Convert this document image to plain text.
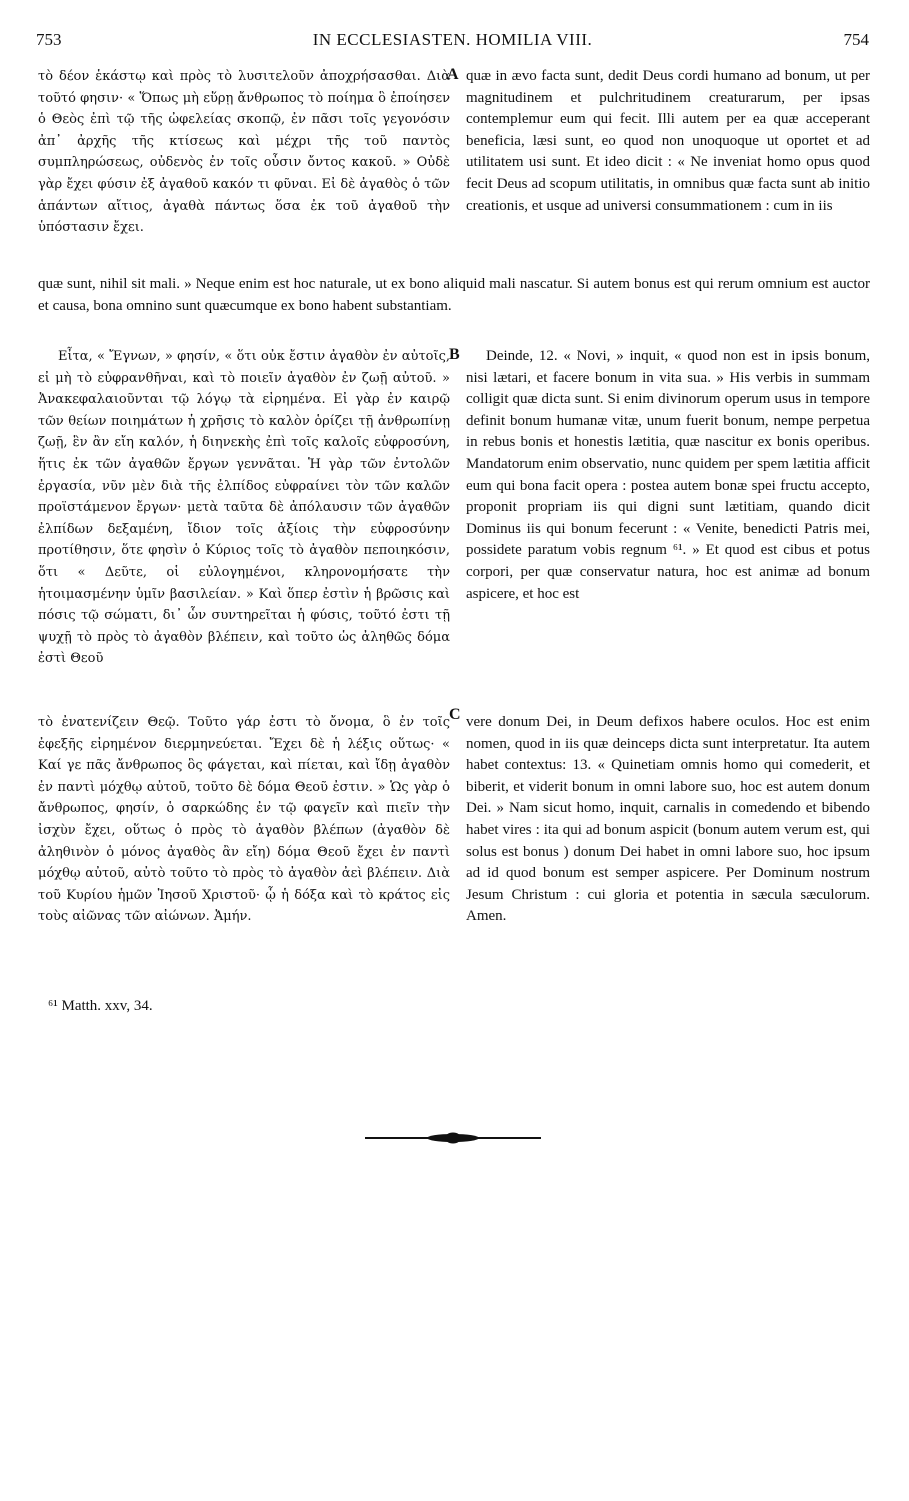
753	IN ECCLESIASTEN. HOMILIA VIII.	754

τὸ δέον ἑκάστῳ καὶ πρὸς τὸ λυσιτελοῦν ἀποχρήσασθαι. Διὰ τοῦτό φησιν· « Ὅπως μὴ εὕρῃ ἄνθρωπος τὸ ποίημα ὃ ἐποίησεν ὁ Θεὸς ἐπὶ τῷ τῆς ὠφελείας σκοπῷ, ἐν πᾶσι τοῖς γεγονόσιν ἀπ᾽ ἀρχῆς τῆς κτίσεως καὶ μέχρι τῆς τοῦ παντὸς συμπληρώσεως, οὐδενὸς ἐν τοῖς οὖσιν ὄντος κακοῦ. » Οὐδὲ γὰρ ἔχει φύσιν ἐξ ἀγαθοῦ κακόν τι φῦναι. Εἰ δὲ ἀγαθὸς ὁ τῶν ἁπάντων αἴτιος, ἀγαθὰ πάντως ὅσα ἐκ τοῦ ἀγαθοῦ τὴν ὑπόστασιν ἔχει.

A quæ in ævo facta sunt, dedit Deus cordi humano ad bonum, ut per magnitudinem et pulchritudinem creaturarum, per ipsas contemplemur eum qui fecit. Illi autem per ea quæ acceperant beneficia, læsi sunt, eo quod non unoquoque ut oportet et ad utilitatem usi sunt. Et ideo dicit : « Ne inveniat homo opus quod fecit Deus ad scopum utilitatis, in omnibus quæ facta sunt ab initio creationis, et usque ad universi consummationem : cum in iis

quæ sunt, nihil sit mali. » Neque enim est hoc naturale, ut ex bono aliquid mali nascatur. Si autem bonus est qui rerum omnium est auctor et causa, bona omnino sunt quæcumque ex bono habent substantiam.

Εἶτα, « Ἔγνων, » φησίν, « ὅτι οὐκ ἔστιν ἀγαθὸν ἐν αὐτοῖς, εἰ μὴ τὸ εὐφρανθῆναι, καὶ τὸ ποιεῖν ἀγαθὸν ἐν ζωῇ αὐτοῦ. » Ἀνακεφαλαιοῦνται τῷ λόγῳ τὰ εἰρημένα. Εἰ γὰρ ἐν καιρῷ τῶν θείων ποιημάτων ἡ χρῆσις τὸ καλὸν ὁρίζει τῇ ἀνθρωπίνῃ ζωῇ, ἓν ἂν εἴη καλόν, ἡ διηνεκὴς ἐπὶ τοῖς καλοῖς εὐφροσύνη, ἥτις ἐκ τῶν ἀγαθῶν ἔργων γεννᾶται. Ἡ γὰρ τῶν ἐντολῶν ἐργασία, νῦν μὲν διὰ τῆς ἐλπίδος εὐφραίνει τὸν τῶν καλῶν προϊστάμενον ἔργων· μετὰ ταῦτα δὲ ἀπόλαυσιν τῶν ἀγαθῶν ἐλπίδων δεξαμένη, ἴδιον τοῖς ἀξίοις τὴν εὐφροσύνην προτίθησιν, ὅτε φησὶν ὁ Κύριος τοῖς τὸ ἀγαθὸν πεποιηκόσιν, ὅτι « Δεῦτε, οἱ εὐλογημένοι, κληρονομήσατε τὴν ἡτοιμασμένην ὑμῖν βασιλείαν. » Καὶ ὅπερ ἐστὶν ἡ βρῶσις καὶ πόσις τῷ σώματι, δι᾽ ὧν συντηρεῖται ἡ φύσις, τοῦτό ἐστι τῇ ψυχῇ τὸ πρὸς τὸ ἀγαθὸν βλέπειν, καὶ τοῦτο ὡς ἀληθῶς δόμα ἐστὶ Θεοῦ

B	Deinde, 12. « Novi, » inquit, « quod non est in ipsis bonum, nisi lætari, et facere bonum in vita sua. » His verbis in summam colligit quæ dicta sunt. Si enim divinorum operum usus in tempore definit bonum humanæ vitæ, unum fuerit bonum, nempe perpetua in rebus bonis et honestis lætitia, quæ nascitur ex bonis operibus. Mandatorum enim observatio, nunc quidem per spem lætitia afficit eum qui bona facit opera : postea autem bonæ spei fructu accepto, proponit propriam iis qui digni sunt lætitiam, quando dicit Dominus iis qui bonum fecerunt : « Venite, benedicti Patris mei, possidete paratum vobis regnum ⁶¹. » Et quod est cibus et potus corpori, per quæ conservatur natura, hoc est animæ ad bonum aspicere, et hoc est

C

τὸ ἐνατενίζειν Θεῷ. Τοῦτο γάρ ἐστι τὸ ὄνομα, ὃ ἐν τοῖς ἐφεξῆς εἰρημένον διερμηνεύεται. Ἔχει δὲ ἡ λέξις οὕτως· « Καί γε πᾶς ἄνθρωπος ὃς φάγεται, καὶ πίεται, καὶ ἴδῃ ἀγαθὸν ἐν παντὶ μόχθῳ αὐτοῦ, τοῦτο δὲ δόμα Θεοῦ ἐστιν. » Ὡς γὰρ ὁ ἄνθρωπος, φησίν, ὁ σαρκώδης ἐν τῷ φαγεῖν καὶ πιεῖν τὴν ἰσχὺν ἔχει, οὕτως ὁ πρὸς τὸ ἀγαθὸν βλέπων (ἀγαθὸν δὲ ἀληθινὸν ὁ μόνος ἀγαθὸς ἂν εἴη) δόμα Θεοῦ ἔχει ἐν παντὶ μόχθῳ αὐτοῦ, αὐτὸ τοῦτο τὸ πρὸς τὸ ἀγαθὸν ἀεὶ βλέπειν. Διὰ τοῦ Κυρίου ἡμῶν Ἰησοῦ Χριστοῦ· ᾧ ἡ δόξα καὶ τὸ κράτος εἰς τοὺς αἰῶνας τῶν αἰώνων. Ἀμήν.

vere donum Dei, in Deum defixos habere oculos. Hoc est enim nomen, quod in iis quæ deinceps dicta sunt interpretatur. Ita autem habet contextus: 13. « Quinetiam omnis homo qui comederit, et biberit, et viderit bonum in omni labore suo, hoc est autem donum Dei. » Nam sicut homo, inquit, carnalis in comedendo et bibendo habet vires : ita qui ad bonum aspicit (bonum autem verum est, qui solus est bonus ) donum Dei habet in omni labore suo, hoc ipsum ad id quod bonum est semper aspicere. Per Dominum nostrum Jesum Christum : cui gloria et potentia in sæcula sæculorum. Amen.

⁶¹ Matth. xxv, 34.
